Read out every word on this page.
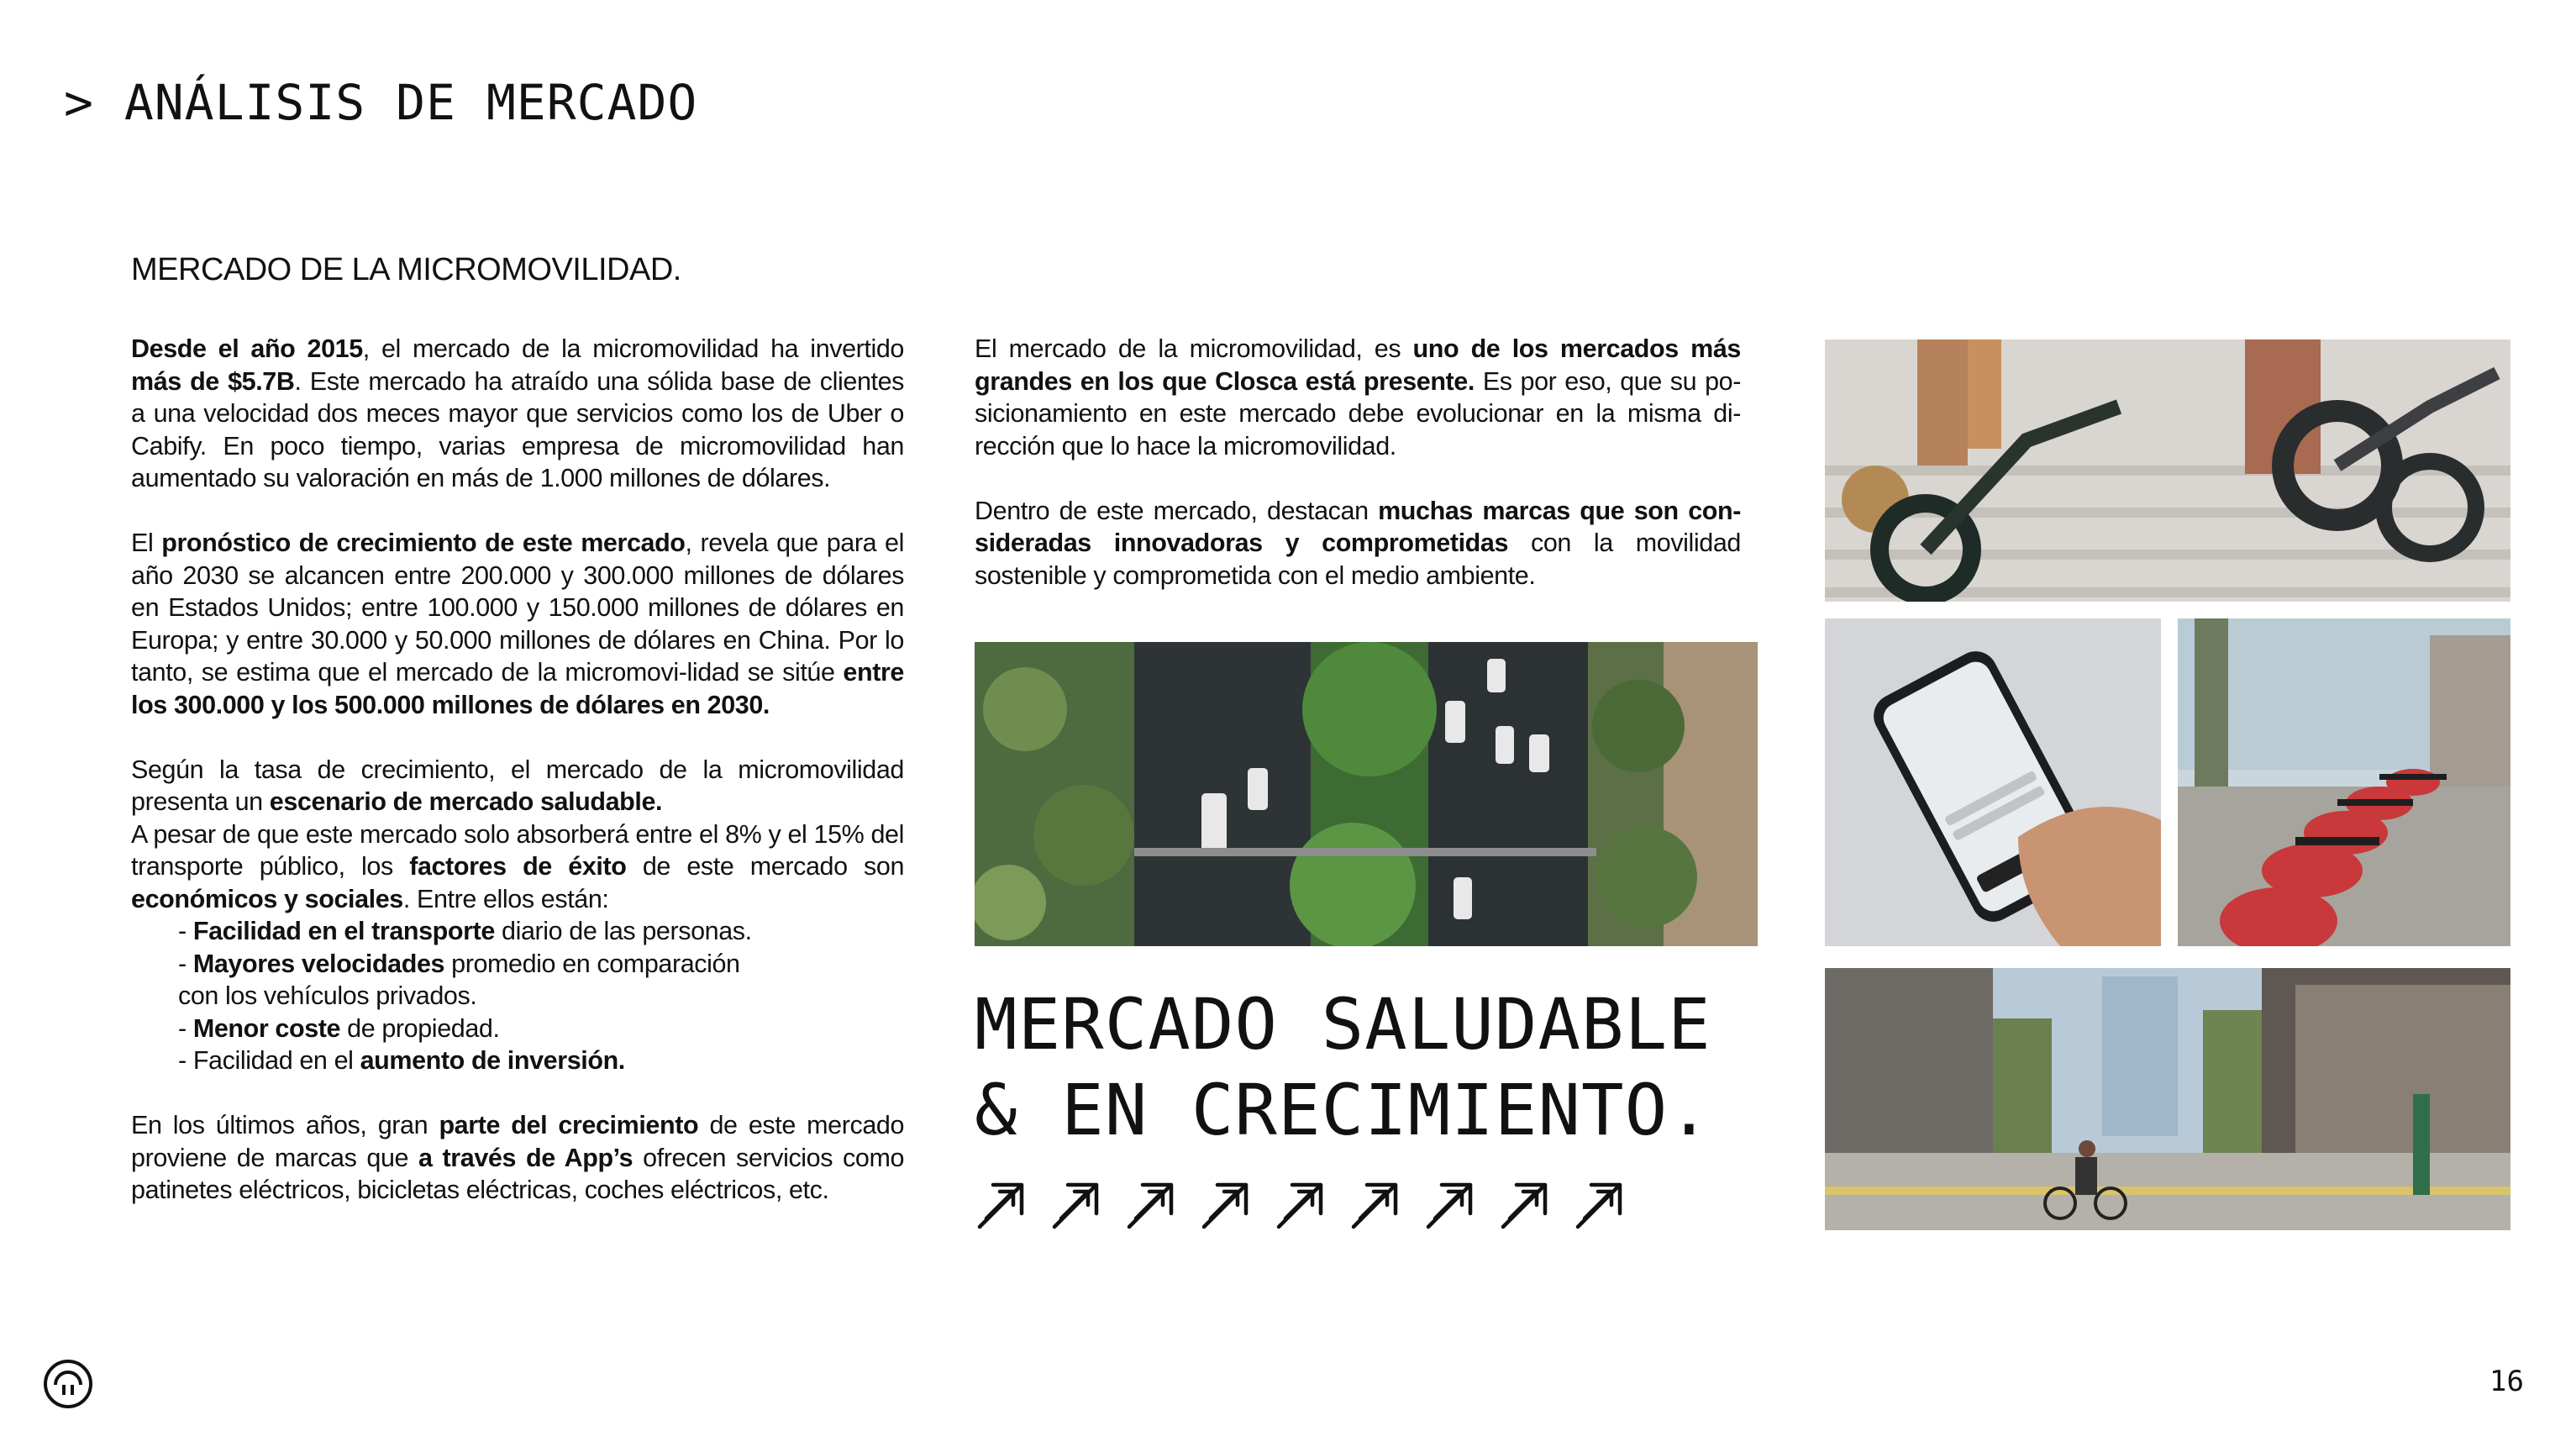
> ANÁLISIS DE MERCADO
MERCADO DE LA MICROMOVILIDAD.

Desde el año 2015, el mercado de la micromovilidad ha invertido más de $5.7B. Este mercado ha atraído una sólida base de clientes a una velocidad dos meces mayor que servicios como los de Uber o Cabify. En poco tiempo, varias empresa de micromovilidad han aumentado su valoración en más de 1.000 millones de dólares.

El pronóstico de crecimiento de este mercado, revela que para el año 2030 se alcancen entre 200.000 y 300.000 millones de dólares en Estados Unidos; entre 100.000 y 150.000 millones de dólares en Europa; y entre 30.000 y 50.000 millones de dólares en China. Por lo tanto, se estima que el mercado de la micromovi-lidad se sitúe entre los 300.000 y los 500.000 millones de dólares en 2030.

Según la tasa de crecimiento, el mercado de la micromovilidad presenta un escenario de mercado saludable.

A pesar de que este mercado solo absorberá entre el 8% y el 15% del transporte público, los factores de éxito de este mercado son económicos y sociales. Entre ellos están:

- Facilidad en el transporte diario de las personas.
- Mayores velocidades promedio en comparación
con los vehículos privados.
- Menor coste de propiedad.
- Facilidad en el aumento de inversión.

En los últimos años, gran parte del crecimiento de este mercado proviene de marcas que a través de App’s ofrecen servicios como patinetes eléctricos, bicicletas eléctricas, coches eléctricos, etc.

El mercado de la micromovilidad, es uno de los mercados más grandes en los que Closca está presente. Es por eso, que su po-sicionamiento en este mercado debe evolucionar en la misma di-rección que lo hace la micromovilidad.

Dentro de este mercado, destacan muchas marcas que son con-sideradas innovadoras y comprometidas con la movilidad sostenible y comprometida con el medio ambiente.

MERCADO SALUDABLE
& EN CRECIMIENTO.
16
